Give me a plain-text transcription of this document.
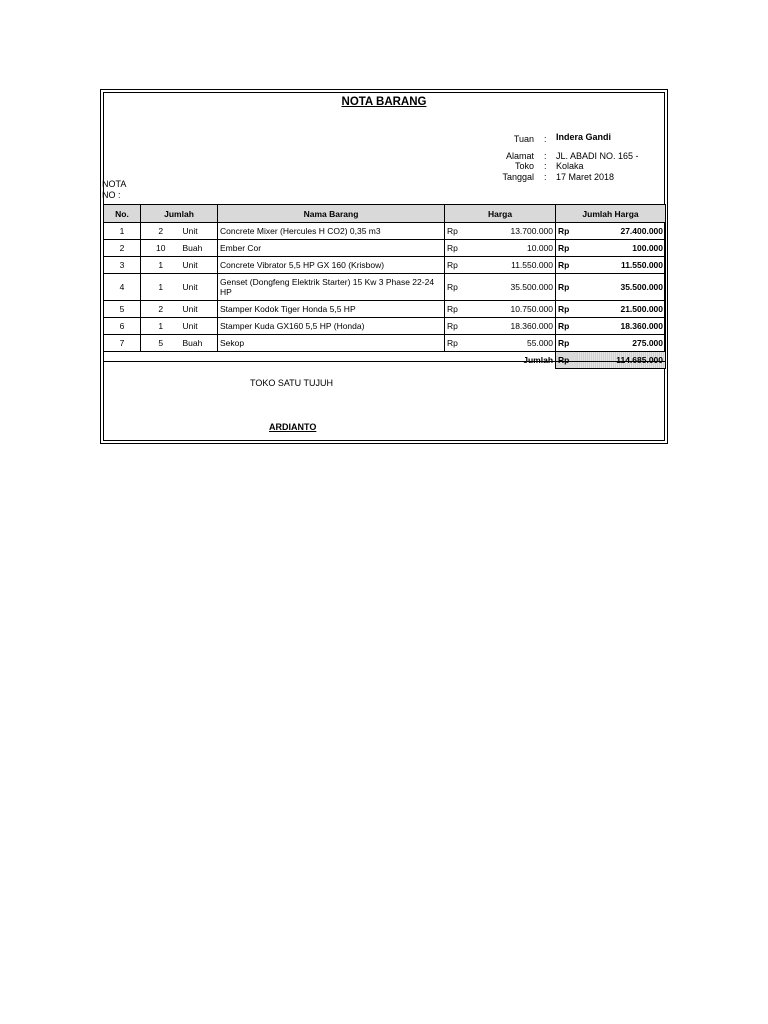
NOTA BARANG
Tuan : Indera Gandi
Alamat : JL. ABADI NO. 165 -
Toko : Kolaka
Tanggal : 17 Maret 2018
NOTA
NO :
No.	Jumlah		Nama Barang	Harga		Jumlah Harga	
1	2	Unit	Concrete Mixer (Hercules H CO2) 0,35 m3	Rp	13.700.000	Rp	27.400.000
2	10	Buah	Ember Cor	Rp	10.000	Rp	100.000
3	1	Unit	Concrete Vibrator 5,5 HP GX 160 (Krisbow)	Rp	11.550.000	Rp	11.550.000
4	1	Unit	Genset (Dongfeng Elektrik Starter) 15 Kw 3 Phase 22-24 HP	Rp	35.500.000	Rp	35.500.000
5	2	Unit	Stamper Kodok Tiger Honda 5,5 HP	Rp	10.750.000	Rp	21.500.000
6	1	Unit	Stamper Kuda GX160 5,5 HP (Honda)	Rp	18.360.000	Rp	18.360.000
7	5	Buah	Sekop	Rp	55.000	Rp	275.000
					Jumlah	Rp	114.685.000
TOKO SATU TUJUH
ARDIANTO
